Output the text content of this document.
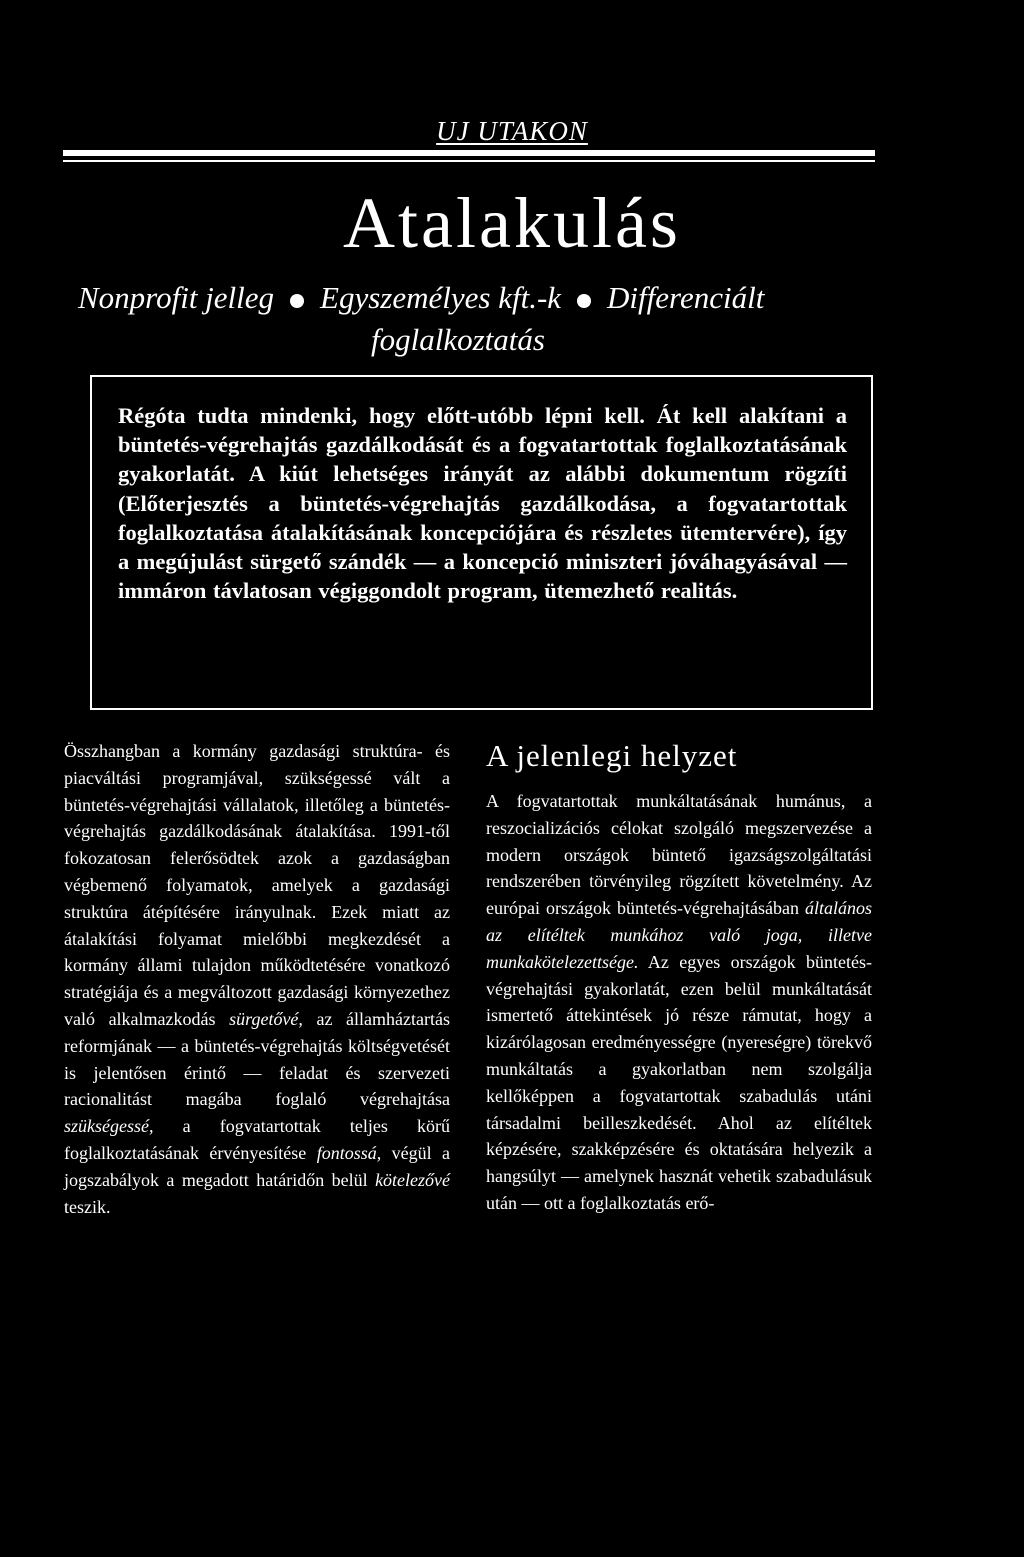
UJ UTAKON
Atalakulás
Nonprofit jelleg Egyszemélyes kft.-k Differenciált
foglalkoztatás

Régóta tudta mindenki, hogy előtt-utóbb lépni kell. Át kell alakítani a büntetés-végrehajtás gazdálkodását és a fogvatartottak foglalkoztatásának gyakorlatát. A kiút lehetséges irányát az alábbi dokumentum rögzíti (Előterjesztés a büntetés-végrehajtás gazdálkodása, a fogvatartottak foglalkoztatása átalakításának koncepciójára és részletes ütemtervére), így a megújulást sürgető szándék — a koncepció miniszteri jóváhagyásával — immáron távlatosan végiggondolt program, ütemezhető realitás.

Összhangban a kormány gazdasági struktúra- és piacváltási programjával, szükségessé vált a büntetés-végrehajtási vállalatok, illetőleg a büntetés-végrehajtás gazdálkodásának átalakítása. 1991-től fokozatosan felerősödtek azok a gazdaságban végbemenő folyamatok, amelyek a gazdasági struktúra átépítésére irányulnak. Ezek miatt az átalakítási folyamat mielőbbi megkezdését a kormány állami tulajdon működtetésére vonatkozó stratégiája és a megváltozott gazdasági környezethez való alkalmazkodás sürgetővé, az államháztartás reformjának — a büntetés-végrehajtás költségvetését is jelentősen érintő — feladat és szervezeti racionalitást magába foglaló végrehajtása szükségessé, a fogvatartottak teljes körű foglalkoztatásának érvényesítése fontossá, végül a jogszabályok a megadott határidőn belül kötelezővé teszik.

A jelenlegi helyzet

A fogvatartottak munkáltatásának humánus, a reszocializációs célokat szolgáló megszervezése a modern országok büntető igazságszolgáltatási rendszerében törvényileg rögzített követelmény. Az európai országok büntetés-végrehajtásában általános az elítéltek munkához való joga, illetve munkakötelezettsége. Az egyes országok büntetés-végrehajtási gyakorlatát, ezen belül munkáltatását ismertető áttekintések jó része rámutat, hogy a kizárólagosan eredményességre (nyereségre) törekvő munkáltatás a gyakorlatban nem szolgálja kellőképpen a fogvatartottak szabadulás utáni társadalmi beilleszkedését. Ahol az elítéltek képzésére, szakképzésére és oktatására helyezik a hangsúlyt — amelynek hasznát vehetik szabadulásuk után — ott a foglalkoztatás erő-
